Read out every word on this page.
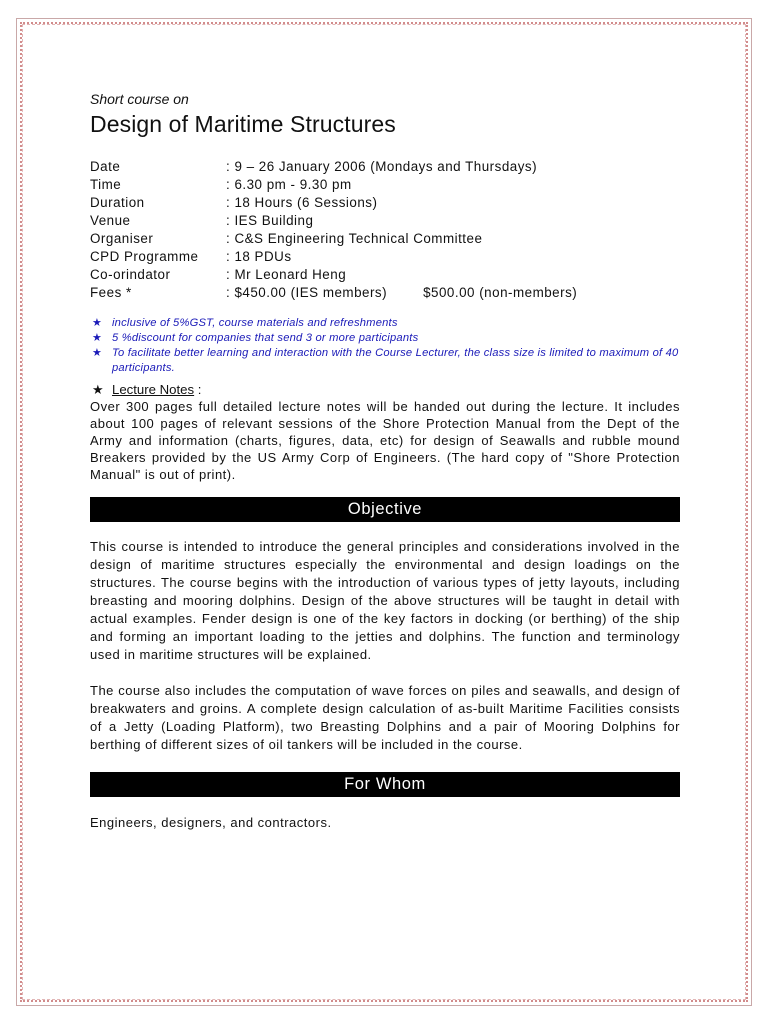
Short course on

Design of Maritime Structures
Date	: 9 – 26 January 2006 (Mondays and Thursdays)
Time	: 6.30 pm - 9.30 pm
Duration	: 18 Hours (6 Sessions)
Venue	: IES Building
Organiser	: C&S Engineering Technical Committee
CPD Programme	: 18 PDUs
Co-orindator	: Mr Leonard Heng
Fees *	: $450.00 (IES members)	$500.00 (non-members)
★ inclusive of 5%GST, course materials and refreshments
★ 5 %discount for companies that send 3 or more participants
★ To facilitate better learning and interaction with the Course Lecturer, the class size is limited to maximum of 40 participants.
★ Lecture Notes :

Over 300 pages full detailed lecture notes will be handed out during the lecture. It includes about 100 pages of relevant sessions of the Shore Protection Manual from the Dept of the Army and information (charts, figures, data, etc) for design of Seawalls and rubble mound Breakers provided by the US Army Corp of Engineers. (The hard copy of "Shore Protection Manual" is out of print).

Objective

This course is intended to introduce the general principles and considerations involved in the design of maritime structures especially the environmental and design loadings on the structures. The course begins with the introduction of various types of jetty layouts, including breasting and mooring dolphins. Design of the above structures will be taught in detail with actual examples. Fender design is one of the key factors in docking (or berthing) of the ship and forming an important loading to the jetties and dolphins. The function and terminology used in maritime structures will be explained.

The course also includes the computation of wave forces on piles and seawalls, and design of breakwaters and groins. A complete design calculation of as-built Maritime Facilities consists of a Jetty (Loading Platform), two Breasting Dolphins and a pair of Mooring Dolphins for berthing of different sizes of oil tankers will be included in the course.

For Whom

Engineers, designers, and contractors.
